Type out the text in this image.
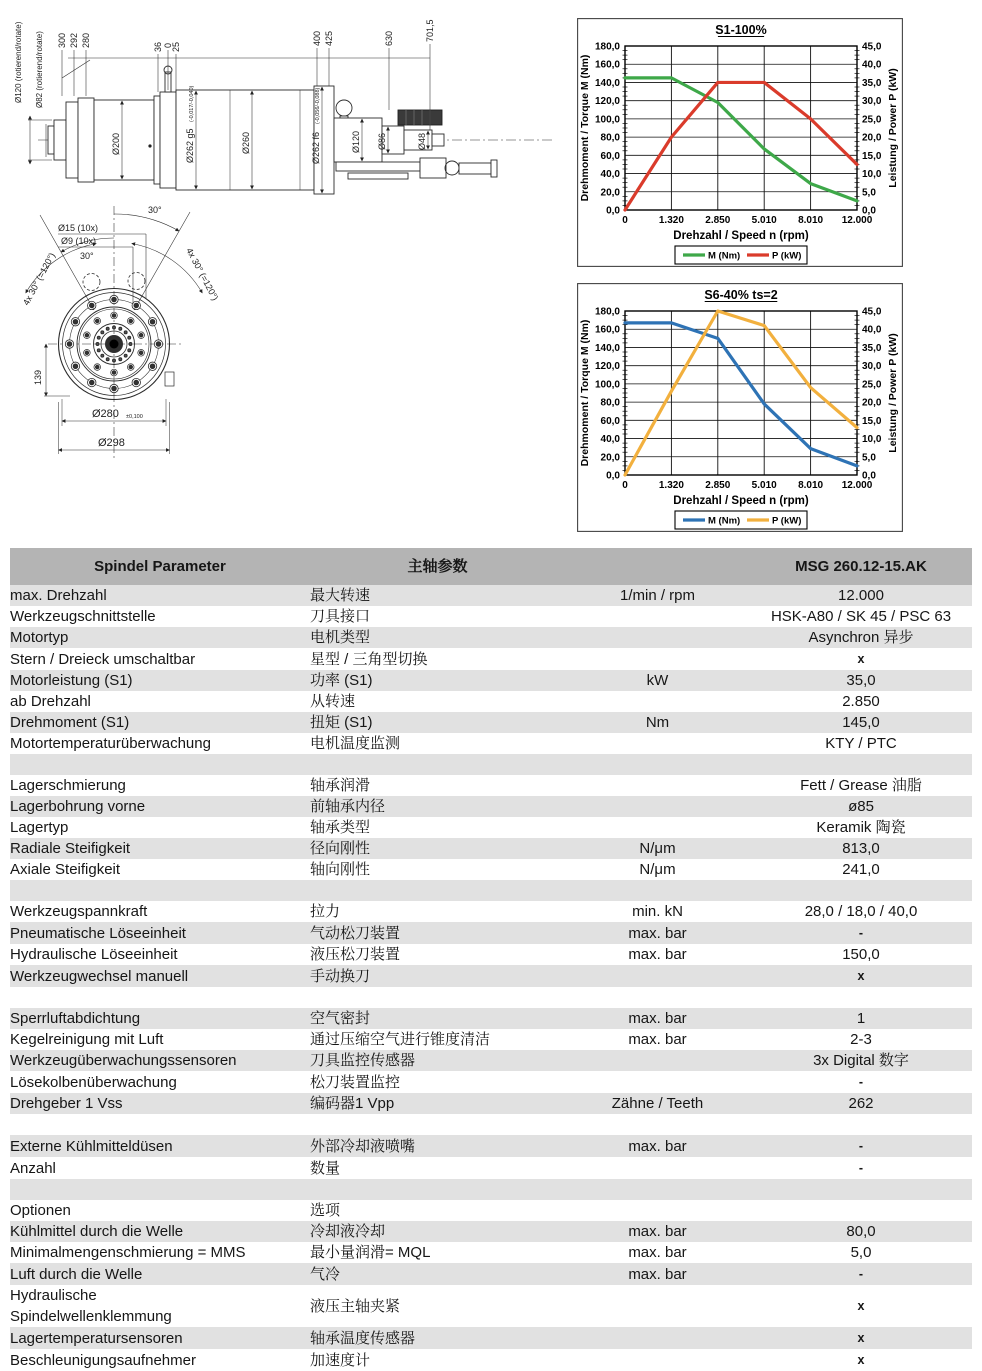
300 292 280	36 0
25
400 425	630	701,5
Ø120 (rotierend/rotate) Ø82 (rotierend/rotate)
Ø200	Ø262 g5
(-0,017/-0,040)
Ø260	Ø262 f6
(-0,056/-0,088)
Ø120 Ø86	Ø48
30°
Ø15 (10x)
Ø9 (10x)
4x 30° (=120°)	30°	4x 30° (=120°)
139
Ø280 ±0,100
Ø298
180,0	45,0
160,0	40,0
140,0	35,0
120,0	30,0
100,0	25,0
80,0	20,0
60,0	15,0
40,0	10,0
20,0	5,0
0,0	0,0
0	1.320 2.850 5.010 8.010 12.000
S1-100%
Drehzahl / Speed n (rpm)
Drehmoment / Torque M (Nm)	Leistung / Power P (kW)
M (Nm)	P (kW)
180,0	45,0
160,0	40,0
140,0	35,0
120,0	30,0
100,0	25,0
80,0	20,0
60,0	15,0
40,0	10,0
20,0	5,0
0,0	0,0
0	1.320 2.850 5.010 8.010 12.000
S6-40% ts=2
Drehzahl / Speed n (rpm)
Drehmoment / Torque M (Nm)	Leistung / Power P (kW)
M (Nm)	P (kW)
Spindel Parameter	主轴参数		MSG 260.12-15.AK
max. Drehzahl	最大转速	1/min / rpm	12.000
Werkzeugschnittstelle	刀具接口		HSK-A80 / SK 45 / PSC 63
Motortyp	电机类型		Asynchron 异步
Stern / Dreieck umschaltbar	星型 / 三角型切换		x
Motorleistung (S1)	功率 (S1)	kW	35,0
ab Drehzahl	从转速		2.850
Drehmoment (S1)	扭矩 (S1)	Nm	145,0
Motortemperaturüberwachung	电机温度监测		KTY / PTC

Lagerschmierung	轴承润滑		Fett / Grease 油脂
Lagerbohrung vorne	前轴承内径		ø85
Lagertyp	轴承类型		Keramik 陶瓷
Radiale Steifigkeit	径向刚性	N/μm	813,0
Axiale Steifigkeit	轴向刚性	N/μm	241,0

Werkzeugspannkraft	拉力	min. kN	28,0 / 18,0 / 40,0
Pneumatische Löseeinheit	气动松刀装置	max. bar	-
Hydraulische Löseeinheit	液压松刀装置	max. bar	150,0
Werkzeugwechsel manuell	手动换刀		x

Sperrluftabdichtung	空气密封	max. bar	1
Kegelreinigung mit Luft	通过压缩空气进行锥度清洁	max. bar	2-3
Werkzeugüberwachungssensoren	刀具监控传感器		3x Digital 数字
Lösekolbenüberwachung	松刀装置监控		-
Drehgeber 1 Vss	编码器1 Vpp	Zähne / Teeth	262

Externe Kühlmitteldüsen	外部冷却液喷嘴	max. bar	-
Anzahl	数量		-

Optionen	选项		
Kühlmittel durch die Welle	冷却液冷却	max. bar	80,0
Minimalmengenschmierung = MMS	最小量润滑= MQL	max. bar	5,0
Luft durch die Welle	气冷	max. bar	-
Hydraulische Spindelwellenklemmung	液压主轴夹紧		x
Lagertemperatursensoren	轴承温度传感器		x
Beschleunigungsaufnehmer	加速度计		x
